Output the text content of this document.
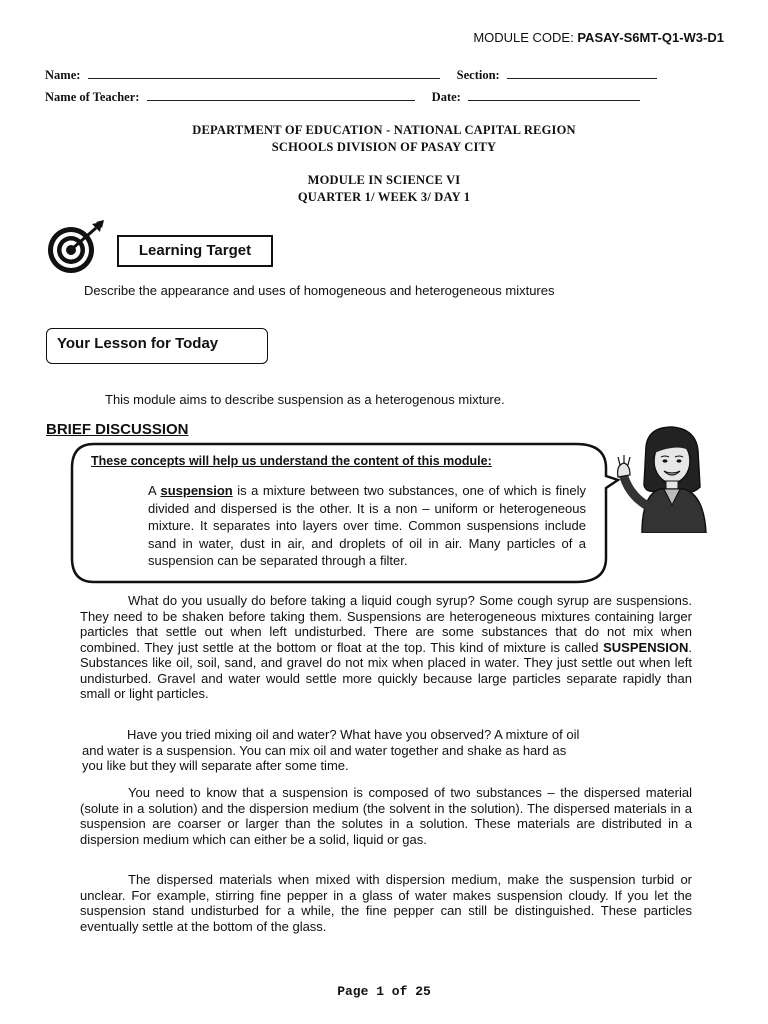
MODULE CODE: PASAY-S6MT-Q1-W3-D1
Name:	Section:
Name of Teacher:	Date:
DEPARTMENT OF EDUCATION - NATIONAL CAPITAL REGION
SCHOOLS DIVISION OF PASAY CITY
MODULE IN SCIENCE VI
QUARTER 1/ WEEK 3/ DAY 1
Learning Target
Describe the appearance and uses of homogeneous and heterogeneous mixtures
Your Lesson for Today
This module aims to describe suspension as a heterogenous mixture.
BRIEF DISCUSSION
These concepts will help us understand the content of this module:
A suspension is a mixture between two substances, one of which is finely divided and dispersed is the other. It is a non – uniform or heterogeneous mixture. It separates into layers over time. Common suspensions include sand in water, dust in air, and droplets of oil in air. Many particles of a suspension can be separated through a filter.
What do you usually do before taking a liquid cough syrup? Some cough syrup are suspensions. They need to be shaken before taking them. Suspensions are heterogeneous mixtures containing larger particles that settle out when left undisturbed. There are some substances that do not mix when combined. They just settle at the bottom or float at the top. This kind of mixture is called SUSPENSION. Substances like oil, soil, sand, and gravel do not mix when placed in water. They just settle out when left undisturbed. Gravel and water would settle more quickly because large particles separate rapidly than small or light particles.
Have you tried mixing oil and water? What have you observed? A mixture of oil
and water is a suspension. You can mix oil and water together and shake as hard as
you like but they will separate after some time.
You need to know that a suspension is composed of two substances – the dispersed material (solute in a solution) and the dispersion medium (the solvent in the solution). The dispersed materials in a suspension are coarser or larger than the solutes in a solution. These materials are distributed in a dispersion medium which can either be a solid, liquid or gas.
The dispersed materials when mixed with dispersion medium, make the suspension turbid or unclear. For example, stirring fine pepper in a glass of water makes suspension cloudy. If you let the suspension stand undisturbed for a while, the fine pepper can still be distinguished. These particles eventually settle at the bottom of the glass.
Page 1 of 25
